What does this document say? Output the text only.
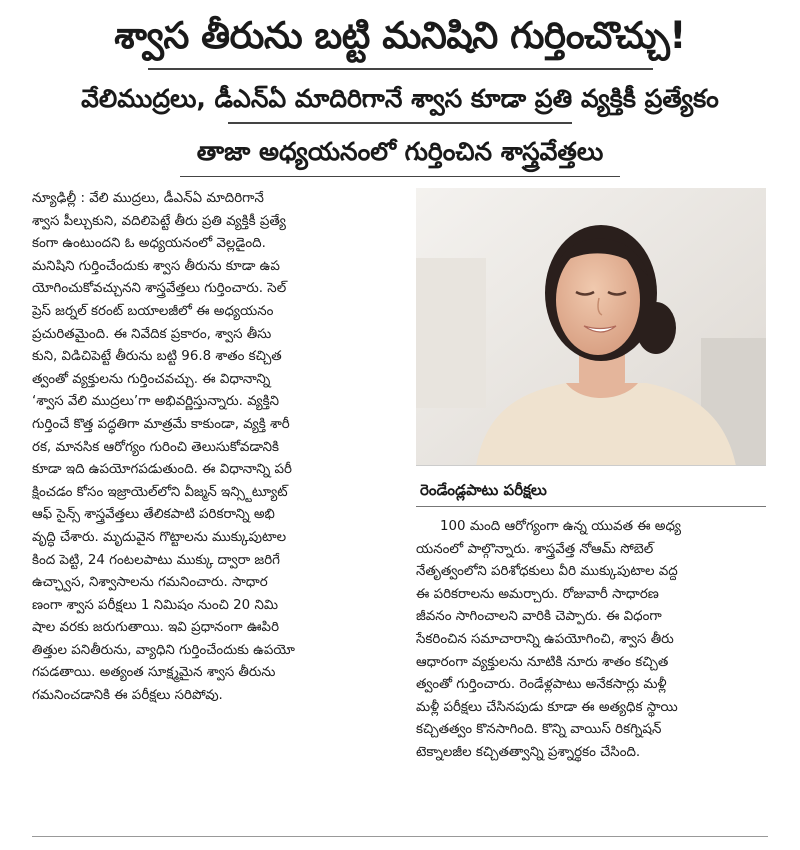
శ్వాస తీరును బట్టి మనిషిని గుర్తించొచ్చు!
వేలిముద్రలు, డీఎన్ఏ మాదిరిగానే శ్వాస కూడా ప్రతి వ్యక్తికీ ప్రత్యేకం
తాజా అధ్యయనంలో గుర్తించిన శాస్త్రవేత్తలు
న్యూఢిల్లీ : వేలి ముద్రలు, డీఎన్ఏ మాదిరిగానే
శ్వాస పీల్చుకుని, వదిలిపెట్టే తీరు ప్రతి వ్యక్తికీ ప్రత్యే
కంగా ఉంటుందని ఓ అధ్యయనంలో వెల్లడైంది.
మనిషిని గుర్తించేందుకు శ్వాస తీరును కూడా ఉప
యోగించుకోవచ్చునని శాస్త్రవేత్తలు గుర్తించారు. సెల్
ప్రెస్ జర్నల్ కరంట్ బయాలజీలో ఈ అధ్యయనం
ప్రచురితమైంది. ఈ నివేదిక ప్రకారం, శ్వాస తీసు
కుని, విడిచిపెట్టే తీరును బట్టి 96.8 శాతం కచ్చిత
త్వంతో వ్యక్తులను గుర్తించవచ్చు. ఈ విధానాన్ని
‘శ్వాస వేలి ముద్రలు’గా అభివర్ణిస్తున్నారు. వ్యక్తిని
గుర్తించే కొత్త పద్ధతిగా మాత్రమే కాకుండా, వ్యక్తి శారీ
రక, మానసిక ఆరోగ్యం గురించి తెలుసుకోవడానికి
కూడా ఇది ఉపయోగపడుతుంది. ఈ విధానాన్ని పరీ
క్షించడం కోసం ఇజ్రాయెల్‌లోని వీజ్మన్ ఇన్స్టిట్యూట్
ఆఫ్ సైన్స్ శాస్త్రవేత్తలు తేలికపాటి పరికరాన్ని అభి
వృద్ధి చేశారు. మృదువైన గొట్టాలను ముక్కుపుటాల
కింద పెట్టి, 24 గంటలపాటు ముక్కు ద్వారా జరిగే
ఉచ్ఛ్వాస, నిశ్వాసాలను గమనించారు. సాధార
ణంగా శ్వాస పరీక్షలు 1 నిమిషం నుంచి 20 నిమి
షాల వరకు జరుగుతాయి. ఇవి ప్రధానంగా ఊపిరి
తిత్తుల పనితీరును, వ్యాధిని గుర్తించేందుకు ఉపయో
గపడతాయి. అత్యంత సూక్ష్మమైన శ్వాస తీరును
గమనించడానికి ఈ పరీక్షలు సరిపోవు.
రెండేండ్లపాటు పరీక్షలు
100 మంది ఆరోగ్యంగా ఉన్న యువత ఈ అధ్య
యనంలో పాల్గొన్నారు. శాస్త్రవేత్త నోఆమ్ సోబెల్
నేతృత్వంలోని పరిశోధకులు వీరి ముక్కుపుటాల వద్ద
ఈ పరికరాలను అమర్చారు. రోజువారీ సాధారణ
జీవనం సాగించాలని వారికి చెప్పారు. ఈ విధంగా
సేకరించిన సమాచారాన్ని ఉపయోగించి, శ్వాస తీరు
ఆధారంగా వ్యక్తులను నూటికి నూరు శాతం కచ్చిత
త్వంతో గుర్తించారు. రెండేళ్లపాటు అనేకసార్లు మళ్లీ
మళ్లీ పరీక్షలు చేసినపుడు కూడా ఈ అత్యధిక స్థాయి
కచ్చితత్వం కొనసాగింది. కొన్ని వాయిస్ రికగ్నిషన్
టెక్నాలజీల కచ్చితత్వాన్ని ప్రశ్నార్థకం చేసింది.
